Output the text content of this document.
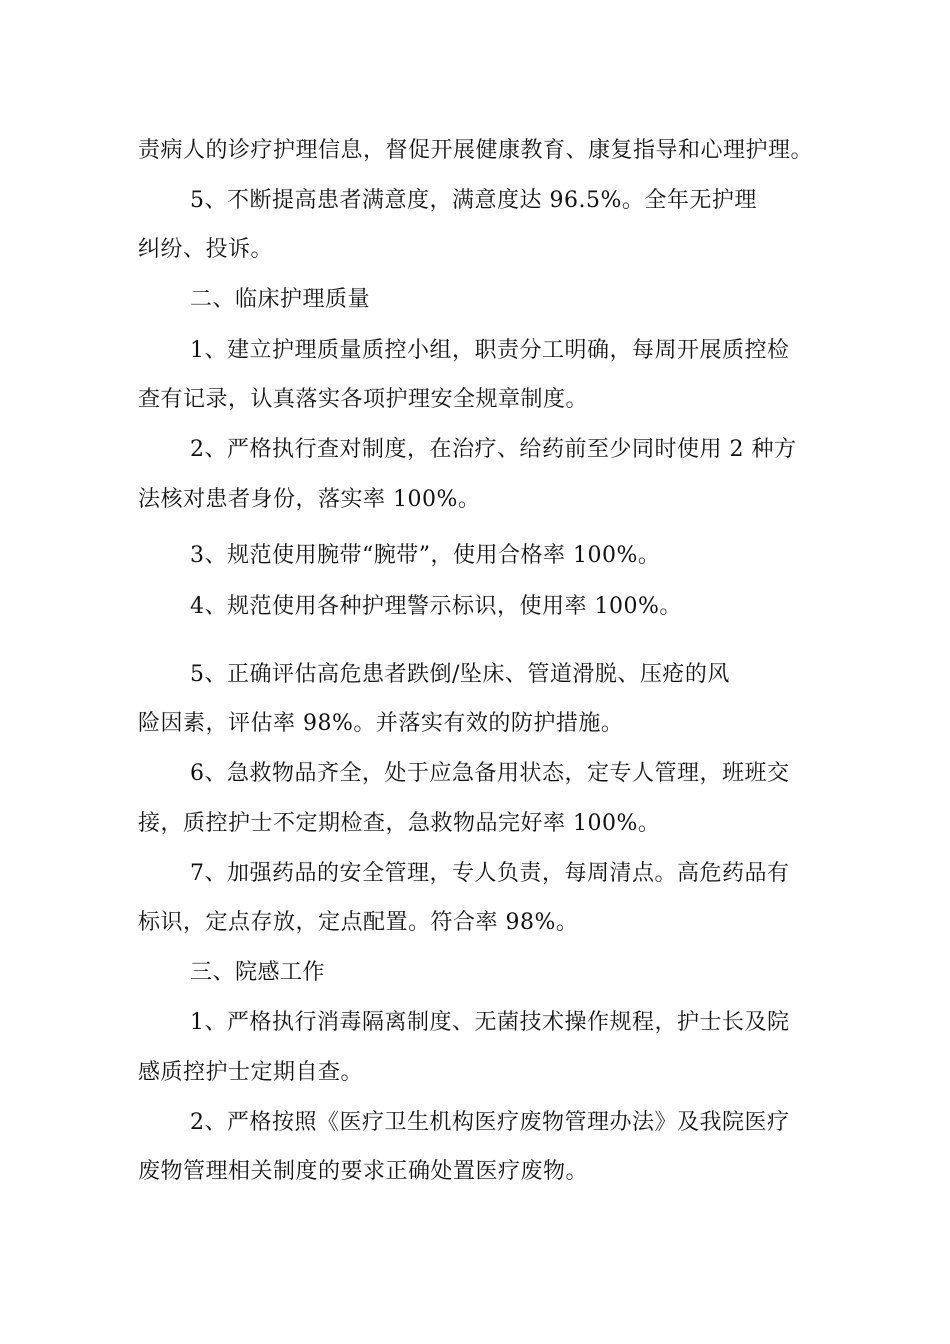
责病人的诊疗护理信息，督促开展健康教育、康复指导和心理护理。
5、不断提高患者满意度，满意度达 96.5%。全年无护理
纠纷、投诉。
二、临床护理质量
1、建立护理质量质控小组，职责分工明确，每周开展质控检
查有记录，认真落实各项护理安全规章制度。
2、严格执行查对制度，在治疗、给药前至少同时使用 2 种方
法核对患者身份，落实率 100%。
3、规范使用腕带“腕带”，使用合格率 100%。
4、规范使用各种护理警示标识，使用率 100%。
5、正确评估高危患者跌倒/坠床、管道滑脱、压疮的风
险因素，评估率 98%。并落实有效的防护措施。
6、急救物品齐全，处于应急备用状态，定专人管理，班班交
接，质控护士不定期检查，急救物品完好率 100%。
7、加强药品的安全管理，专人负责，每周清点。高危药品有
标识，定点存放，定点配置。符合率 98%。
三、院感工作
1、严格执行消毒隔离制度、无菌技术操作规程，护士长及院
感质控护士定期自查。
2、严格按照《医疗卫生机构医疗废物管理办法》及我院医疗
废物管理相关制度的要求正确处置医疗废物。
